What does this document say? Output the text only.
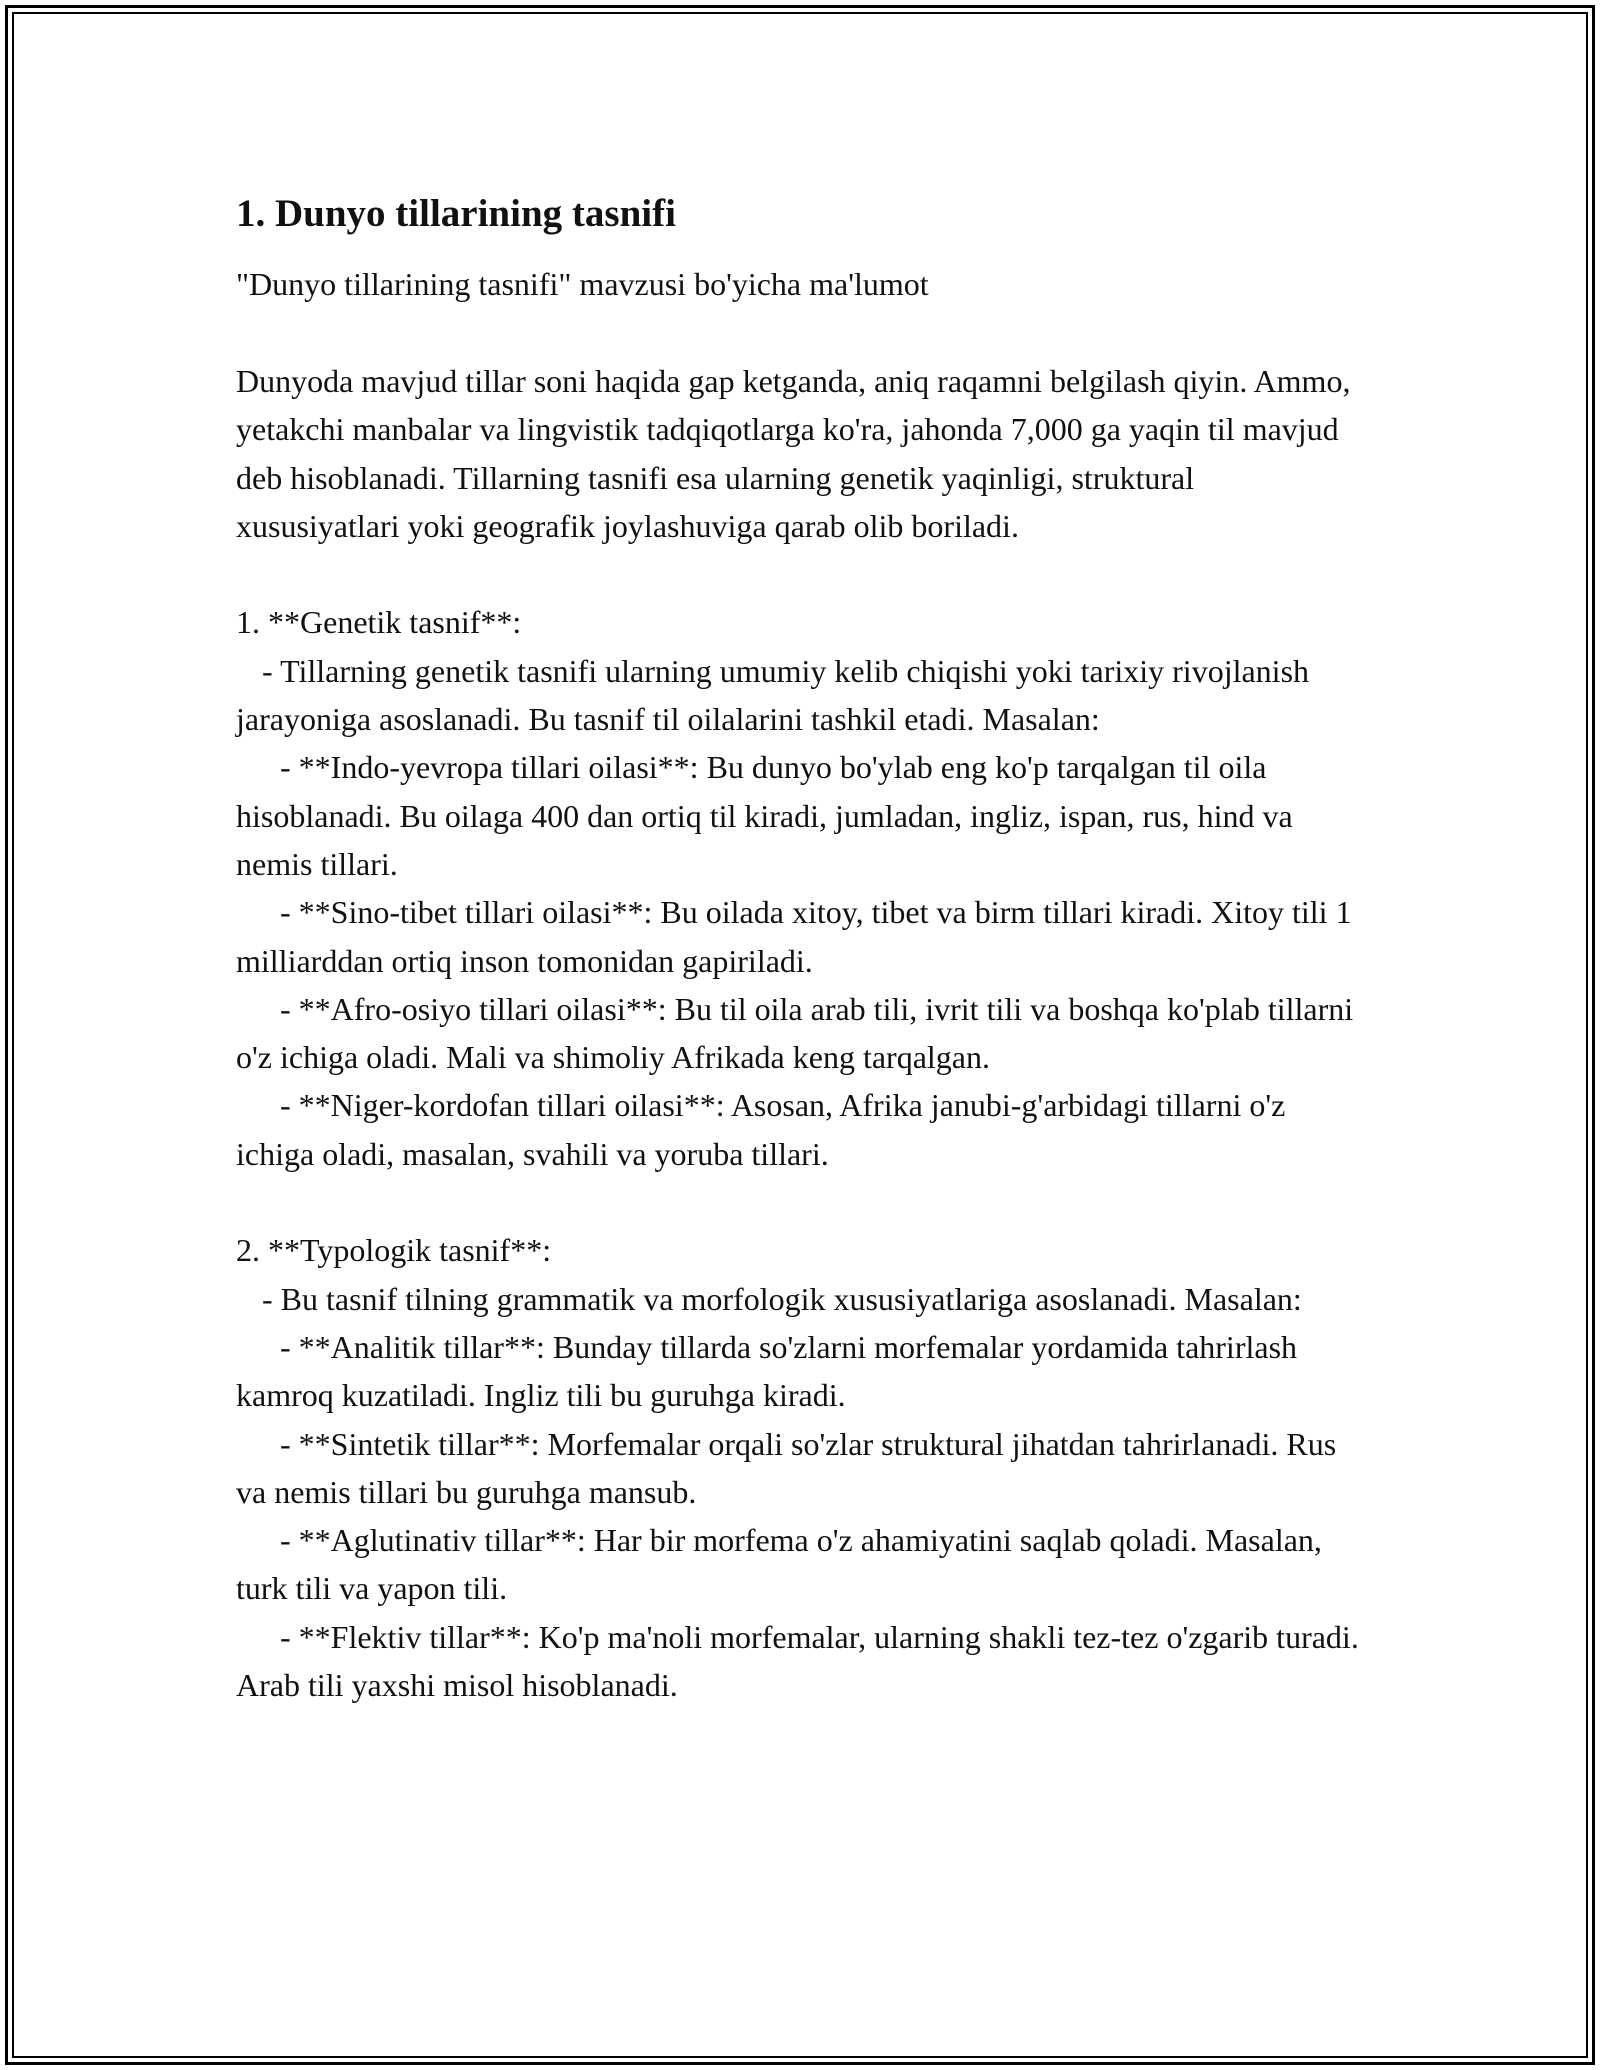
1. Dunyo tillarining tasnifi

"Dunyo tillarining tasnifi" mavzusi bo'yicha ma'lumot

Dunyoda mavjud tillar soni haqida gap ketganda, aniq raqamni belgilash qiyin. Ammo, yetakchi manbalar va lingvistik tadqiqotlarga ko'ra, jahonda 7,000 ga yaqin til mavjud deb hisoblanadi. Tillarning tasnifi esa ularning genetik yaqinligi, struktural xususiyatlari yoki geografik joylashuviga qarab olib boriladi.

1. **Genetik tasnif**:

- Tillarning genetik tasnifi ularning umumiy kelib chiqishi yoki tarixiy rivojlanish jarayoniga asoslanadi. Bu tasnif til oilalarini tashkil etadi. Masalan:

- **Indo-yevropa tillari oilasi**: Bu dunyo bo'ylab eng ko'p tarqalgan til oila hisoblanadi. Bu oilaga 400 dan ortiq til kiradi, jumladan, ingliz, ispan, rus, hind va nemis tillari.

- **Sino-tibet tillari oilasi**: Bu oilada xitoy, tibet va birm tillari kiradi. Xitoy tili 1 milliarddan ortiq inson tomonidan gapiriladi.

- **Afro-osiyo tillari oilasi**: Bu til oila arab tili, ivrit tili va boshqa ko'plab tillarni o'z ichiga oladi. Mali va shimoliy Afrikada keng tarqalgan.

- **Niger-kordofan tillari oilasi**: Asosan, Afrika janubi-g'arbidagi tillarni o'z ichiga oladi, masalan, svahili va yoruba tillari.

2. **Typologik tasnif**:

- Bu tasnif tilning grammatik va morfologik xususiyatlariga asoslanadi. Masalan:

- **Analitik tillar**: Bunday tillarda so'zlarni morfemalar yordamida tahrirlash kamroq kuzatiladi. Ingliz tili bu guruhga kiradi.

- **Sintetik tillar**: Morfemalar orqali so'zlar struktural jihatdan tahrirlanadi. Rus va nemis tillari bu guruhga mansub.

- **Aglutinativ tillar**: Har bir morfema o'z ahamiyatini saqlab qoladi. Masalan, turk tili va yapon tili.

- **Flektiv tillar**: Ko'p ma'noli morfemalar, ularning shakli tez-tez o'zgarib turadi. Arab tili yaxshi misol hisoblanadi.
